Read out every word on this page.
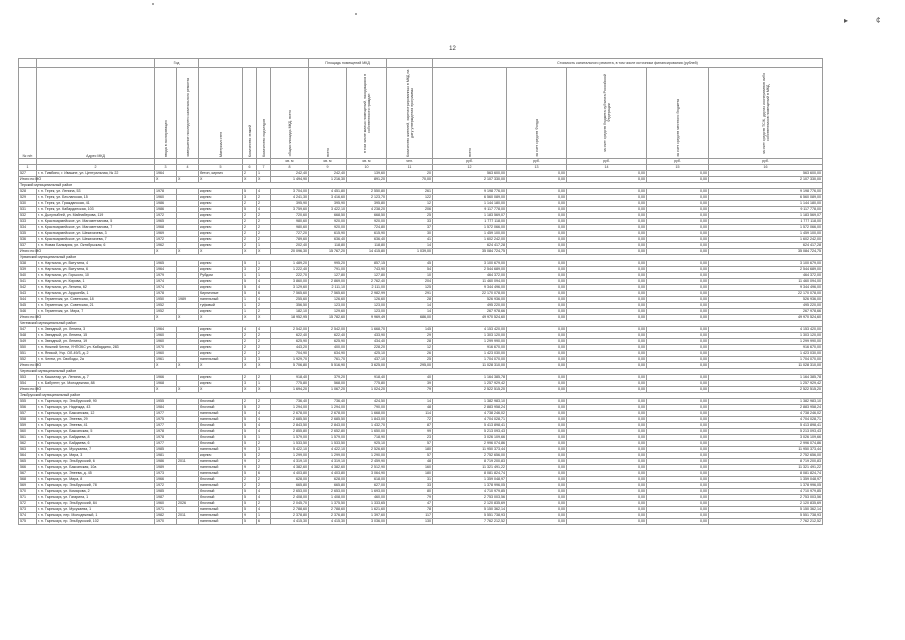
▸	¢
12
		Год						Площадь помещений МКД			Стоимость капитального ремонта, в том числе источники финансирования (рублей)				
№ п/п	Адрес МКД	ввода в эксплуатацию	завершение последнего капитального ремонта	Материал стен	Количество этажей	Количество подъездов	общая площадь МКД, всего	всего	в том числе жилых помещений, находящихся в собственности граждан	Количество жителей, зарегистрированных в МКД на дату утверждения программы	всего	за счет средств Фонда	за счет средств бюджета субъекта Российской Федерации	за счет средств местного бюджета	за счет средств ТСЖ, других кооперативов либо собственников помещений в МКД
							кв. м	кв. м	кв. м	чел.	руб.	руб.	руб.	руб.	руб.
1	2	3	4	5	6	7	8	9	10	11	12	13	14	15	16
527	г. п. Тимбино, г. Ивашне, ул. Центральная, № 22	1964		бетон, кирпич	2	1	242,40	242,40	139,60	20	563 600,00	0,00	0,00	0,00	563 600,00
Итого по МО		X	X	X	X	X	1 494,90	1 216,30	891,20	70,00	2 107 330,00	0,00	0,00	0,00	2 107 330,00
Терский муниципальный район															
528	г. п. Терек, ул. Ленина, 53	1978		кирпич	5	4	3 704,00	4 451,80	2 550,80	261	9 198 776,00	0,00	0,00	0,00	9 198 776,00
529	г. п. Терек, ул. Бесланская, 15	1960		кирпич	3	2	4 241,30	3 416,60	2 123,70	122	6 560 089,00	0,00	0,00	0,00	6 560 089,00
530	г. п. Терек, ул. Гражданская, 41	1986		кирпич	2	2	395,90	395,90	395,80	12	1 144 180,00	0,00	0,00	0,00	1 144 180,00
531	г. п. Терек, ул. Кабардинская, 103	1986		кирпич	5	4	3 759,60	3 422,10	4 238,20	206	9 117 778,00	0,00	0,00	0,00	9 117 778,00
532	г. п. Дыгулыбгей, ул. Майнаберова, 119	1972		кирпич	2	2	720,60	668,50	668,50	25	1 183 569,07	0,00	0,00	0,00	1 183 569,07
533	г. п. Красноармейское, ул. Магометханова, 5	1965		кирпич	2	2	980,60	920,00	920,00	33	1 777 118,00	0,00	0,00	0,00	1 777 118,00
534	г. п. Красноармейское, ул. Магометханова, 7	1968		кирпич	2	2	980,60	920,00	724,80	37	1 572 066,00	0,00	0,00	0,00	1 572 066,00
535	г. п. Красноармейское, ул. Шекихачева, 3	1969		кирпич	2	2	727,20	615,90	615,90	30	1 459 100,00	0,00	0,00	0,00	1 459 100,00
536	г. п. Красноармейское, ул. Шекихачева, 7	1972		кирпич	2	2	789,60	636,40	636,40	41	1 602 242,00	0,00	0,00	0,00	1 602 242,00
537	г. п. Новая Балкария, ул. Октябрьская, 6	1962		кирпич	2	1	202,40	118,80	118,80	14	624 417,28	0,00	0,00	0,00	624 417,28
Итого по МО		X	X	X	X	X	20 096,30	15 767,20	14 415,80	1 039,00	35 084 724,75	0,00	0,00	0,00	35 084 724,75
Урванский муниципальный район															
538	г. п. Нарткала, ул. Ватутина, 4	1965		кирпич	5	1	1 489,20	995,20	857,15	45	3 100 679,00	0,00	0,00	0,00	3 100 679,00
539	г. п. Нарткала, ул. Ватутина, 6	1964		кирпич	3	2	1 222,40	791,00	743,90	54	2 544 689,00	0,00	0,00	0,00	2 544 689,00
540	г. п. Нарткала, ул. Горького, 10	1979		Рубдом	1	1	222,70	127,80	127,80	10	464 372,00	0,00	0,00	0,00	464 372,00
541	г. п. Нарткала, ул. Кирова, 1	1974		кирпич	5	4	3 860,00	2 869,00	2 762,40	204	11 460 094,00	0,00	0,00	0,00	11 460 094,00
542	г. п. Нарткала, ул. Ленина, 62	1974		кирпич	5	4	3 129,60	2 111,10	2 111,00	125	9 344 496,00	0,00	0,00	0,00	9 344 496,00
543	г. п. Нарткала, ул. Ардзинба, 1	1978		Кирпичные	5	6	7 565,60	7 565,60	2 982,99	291	22 170 078,00	0,00	0,00	0,00	22 170 078,00
544	г. п. Герменчик, ул. Советская, 18	1950	1989	панельный	1	4	255,60	126,60	126,60	28	526 936,00	0,00	0,00	0,00	526 936,00
545	г. п. Герменчик, ул. Советская, 21	1952		туфовый	1	2	356,50	123,00	123,00	14	495 220,00	0,00	0,00	0,00	495 220,00
546	г. п. Герменчик, ул. Мира, 7	1952		кирпич	1	2	182,10	129,60	123,00	14	267 978,66	0,00	0,00	0,00	267 978,66
Итого по МО		X	X	X	X	X	18 952,95	15 782,60	9 969,49	686,00	49 970 524,60	0,00	0,00	0,00	49 970 524,60
Чегемский муниципальный район															
547	г. п. Звездный, ул. Ленина, 3	1964		кирпич	4	4	2 542,00	2 542,00	1 668,70	145	4 153 420,00	0,00	0,00	0,00	4 153 420,00
548	г. п. Звездный, ул. Ленина, 15	1960		кирпич	2	2	622,40	622,40	433,90	29	1 303 120,00	0,00	0,00	0,00	1 303 120,00
549	г. п. Звездный, ул. Ленина, 19	1960		кирпич	2	2	625,90	625,90	434,40	28	1 299 990,00	0,00	0,00	0,00	1 299 990,00
550	г. п. Нижний Чегем, УНПОКС ул. Кабардино, 283	1970		кирпич	2	2	443,20	400,00	228,20	12	916 670,00	0,00	0,00	0,00	916 670,00
551	г. п. Яникой, Учр. ОЛ-49/3, д. 2	1960		кирпич	2	2	704,90	634,90	425,10	26	1 423 030,00	0,00	0,00	0,00	1 423 030,00
552	г. п. Чегем, ул. Свободы, 2а	1961		панельный	3	3	1 929,70	761,70	437,10	25	1 704 070,00	0,00	0,00	0,00	1 704 070,00
Итого по МО		X	X	X	X	X	5 706,80	5 516,90	3 625,00	295,00	11 028 310,00	0,00	0,00	0,00	11 028 310,00
Черекский муниципальный район															
553	г. п. Кашхатау, ул. Ленина, д. 7	1966		кирпич	2	2	918,40	379,20	918,40	40	1 164 385,78	0,00	0,00	0,00	1 164 385,78
554	г. п. Бабугент, ул. Молодежная, 88	1968		кирпич	3	1	775,80	568,00	775,80	39	1 257 929,42	0,00	0,00	0,00	1 257 929,42
Итого по МО		X	X	X	X	X	1 694,20	1 067,20	1 024,20	79	2 522 515,20	0,00	0,00	0,00	2 522 515,20
Эльбрусский муниципальный район															
555	г. п. Тырныауз, пр. Эльбрусский, 90	1955		блочный	2	2	736,40	736,40	424,50	14	1 382 983,10	0,00	0,00	0,00	1 382 983,10
556	г. п. Тырныауз, ул. Надежда, 43	1984		блочный	5	2	1 294,00	1 294,00	790,00	48	2 883 958,24	0,00	0,00	0,00	2 883 958,24
557	г. п. Тырныауз, ул. Баксанская, 12	1977		панельный	5	4	2 678,00	2 678,00	1 668,00	114	4 738 246,02	0,00	0,00	0,00	4 738 246,02
558	г. п. Тырныауз, ул. Энеева, 29	1975		панельный	5	4	2 685,50	2 685,50	1 843,00	72	4 704 028,71	0,00	0,00	0,00	4 704 028,71
559	г. п. Тырныауз, ул. Энеева, 41	1977		блочный	5	4	2 843,50	2 843,00	1 432,70	87	5 413 898,41	0,00	0,00	0,00	5 413 898,41
560	г. п. Тырныауз, ул. Баксанская, 5	1978		блочный	5	4	2 855,80	2 652,80	1 650,00	99	5 213 093,43	0,00	0,00	0,00	5 213 093,43
561	г. п. Тырныауз, ул. Байдаева, 8	1978		блочный	5	1	1 579,00	1 579,00	718,90	23	3 026 109,66	0,00	0,00	0,00	3 026 109,66
562	г. п. Тырныауз, ул. Байдаева, 6	1977		блочный	5	2	1 533,50	1 533,50	925,10	57	2 996 074,86	0,00	0,00	0,00	2 996 074,86
563	г. п. Тырныауз, ул. Мусукаева, 7	1985		панельный	9	3	5 422,10	4 422,10	2 526,60	180	11 950 373,44	0,00	0,00	0,00	11 950 373,44
564	г. п. Тырныауз, ул. Мира, 3	1981		кирпич	5	2	1 299,00	1 299,00	1 290,00	57	2 752 656,00	0,00	0,00	0,00	2 752 656,00
565	г. п. Тырныауз, пр. Эльбрусский, 6	1986	2011	панельный	9	2	4 319,10	4 319,10	2 459,90	48	8 719 200,83	0,00	0,00	0,00	8 719 200,83
566	г. п. Тырныауз, ул. Баксанская, 10а	1989		панельный	9	2	4 382,60	4 382,60	2 512,90	160	11 321 491,22	0,00	0,00	0,00	11 321 491,22
567	г. п. Тырныауз, ул. Энеева, д. 45	1973		панельный	5	6	4 403,80	4 403,80	3 064,90	180	8 081 824,74	0,00	0,00	0,00	8 081 824,74
568	г. п. Тырныауз, ул. Мира, 8	1966		блочный	2	2	628,00	628,00	618,00	31	1 359 048,97	0,00	0,00	0,00	1 359 048,97
569	г. п. Тырныауз, пр. Эльбрусский, 78	1972		панельный	2	2	665,80	665,80	627,00	33	1 378 996,05	0,00	0,00	0,00	1 378 996,05
570	г. п. Тырныауз, ул. Комарова, 2	1985		блочный	5	4	2 653,00	2 653,00	1 693,00	80	4 710 979,85	0,00	0,00	0,00	4 710 979,85
571	г. п. Тырныауз, ул. Гагарина, 1	1987		блочный	5	4	2 408,00	1 408,00	460,00	79	2 753 003,56	0,00	0,00	0,00	2 753 003,56
572	г. п. Тырныауз, пр. Эльбрусский, 84	1960	2026	блочный	5	2	2 045,70	1 375,50	1 333,65	47	2 120 835,69	0,00	0,00	0,00	2 120 835,69
573	г. п. Тырныауз, ул. Мусукаева, 1	1971		панельный	5	4	2 788,60	2 788,60	1 621,60	78	5 150 362,14	0,00	0,00	0,00	5 150 362,14
574	г. п. Тырныауз, пер. Молодежный, 1	1982	2011	панельный	9	1	2 378,80	2 376,80	1 397,60	117	5 551 738,93	0,00	0,00	0,00	5 551 738,93
575	г. п. Тырныауз, пр. Эльбрусский, 102	1970		панельный	5	6	4 415,30	4 415,30	3 036,00	130	7 762 212,52	0,00	0,00	0,00	7 762 212,52
